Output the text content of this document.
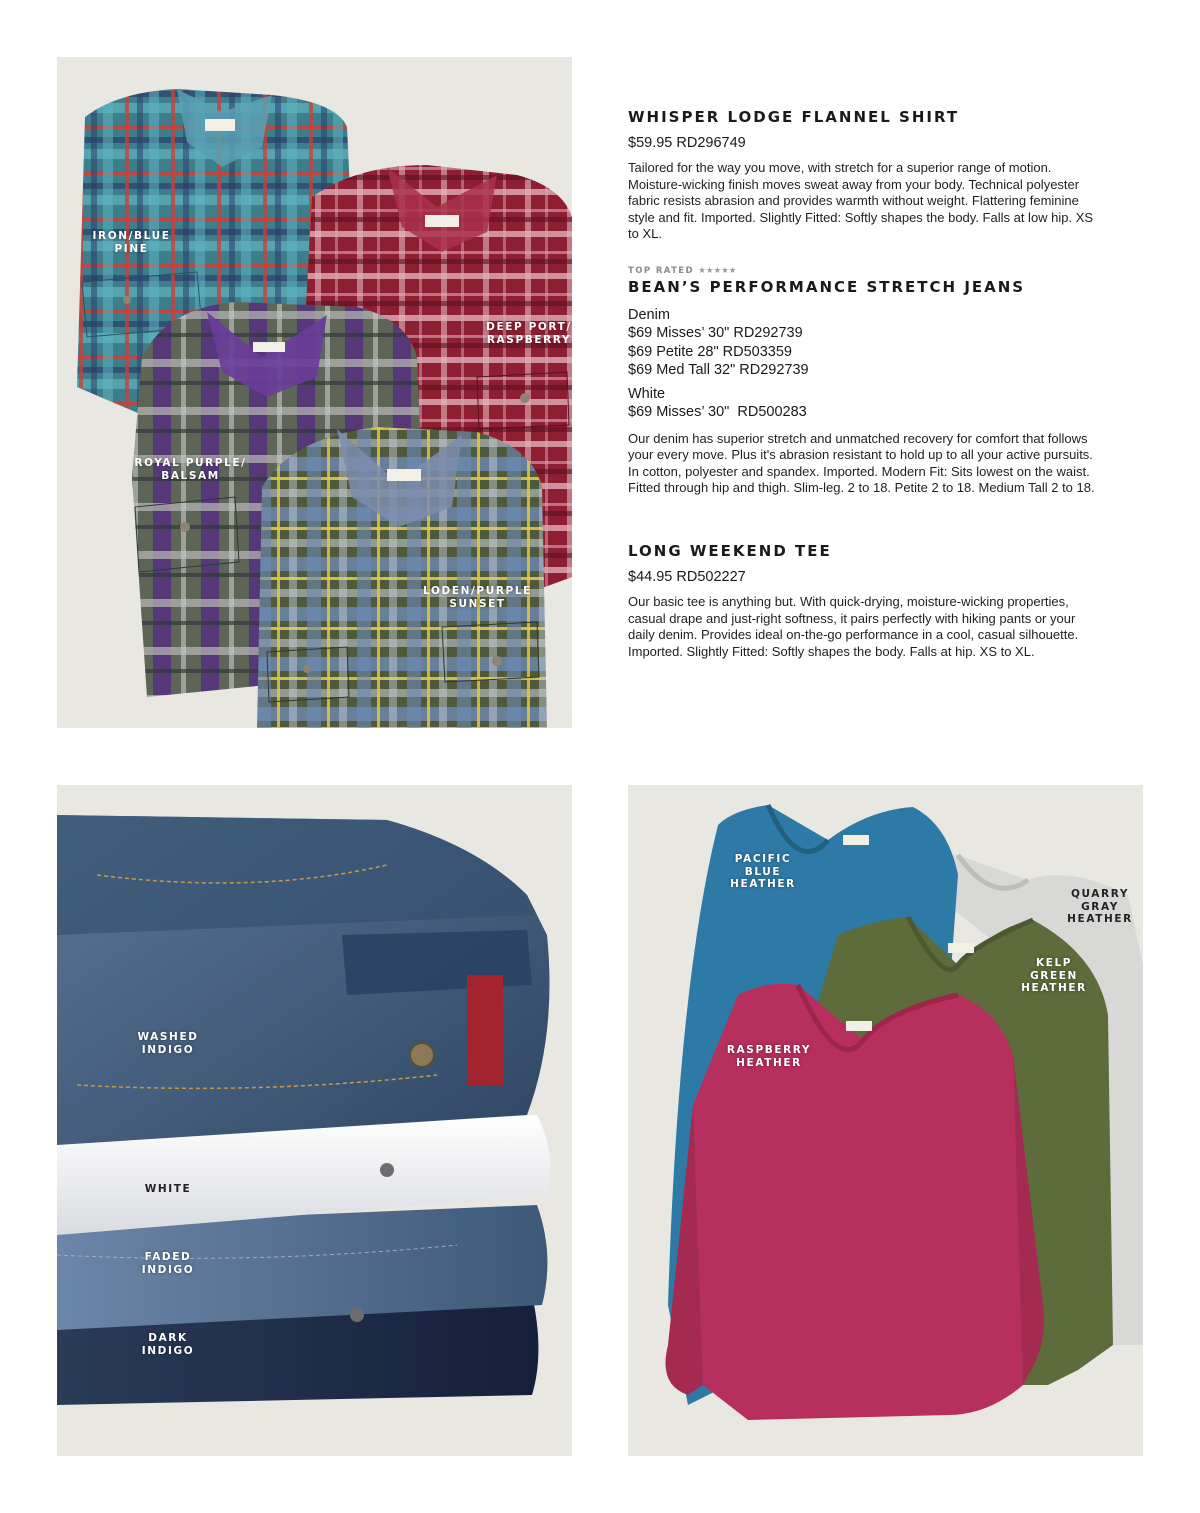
IRON/BLUE
PINE
DEEP PORT/
RASPBERRY
ROYAL PURPLE/
BALSAM
LODEN/PURPLE
SUNSET
WHISPER LODGE FLANNEL SHIRT
$59.95 RD296749
Tailored for the way you move, with stretch for a superior range of motion. Moisture-wicking finish moves sweat away from your body. Technical polyester fabric resists abrasion and provides warmth without weight. Flattering feminine style and fit. Imported. Slightly Fitted: Softly shapes the body. Falls at low hip. XS to XL.
TOP RATED ★★★★★
BEAN’S PERFORMANCE STRETCH JEANS
Denim
$69 Misses’ 30" RD292739
$69 Petite 28" RD503359
$69 Med Tall 32" RD292739
White
$69 Misses’ 30"  RD500283
Our denim has superior stretch and unmatched recovery for comfort that follows your every move. Plus it's abrasion resistant to hold up to all your active pursuits. In cotton, polyester and spandex. Imported. Modern Fit: Sits lowest on the waist. Fitted through hip and thigh. Slim-leg. 2 to 18. Petite 2 to 18. Medium Tall 2 to 18.
LONG WEEKEND TEE
$44.95 RD502227
Our basic tee is anything but. With quick-drying, moisture-wicking properties, casual drape and just-right softness, it pairs perfectly with hiking pants or your daily denim. Provides ideal on-the-go performance in a cool, casual silhouette. Imported. Slightly Fitted: Softly shapes the body. Falls at hip. XS to XL.
WASHED
INDIGO
WHITE
FADED
INDIGO
DARK
INDIGO
PACIFIC
BLUE
HEATHER
QUARRY
GRAY
HEATHER
KELP
GREEN
HEATHER
RASPBERRY
HEATHER
